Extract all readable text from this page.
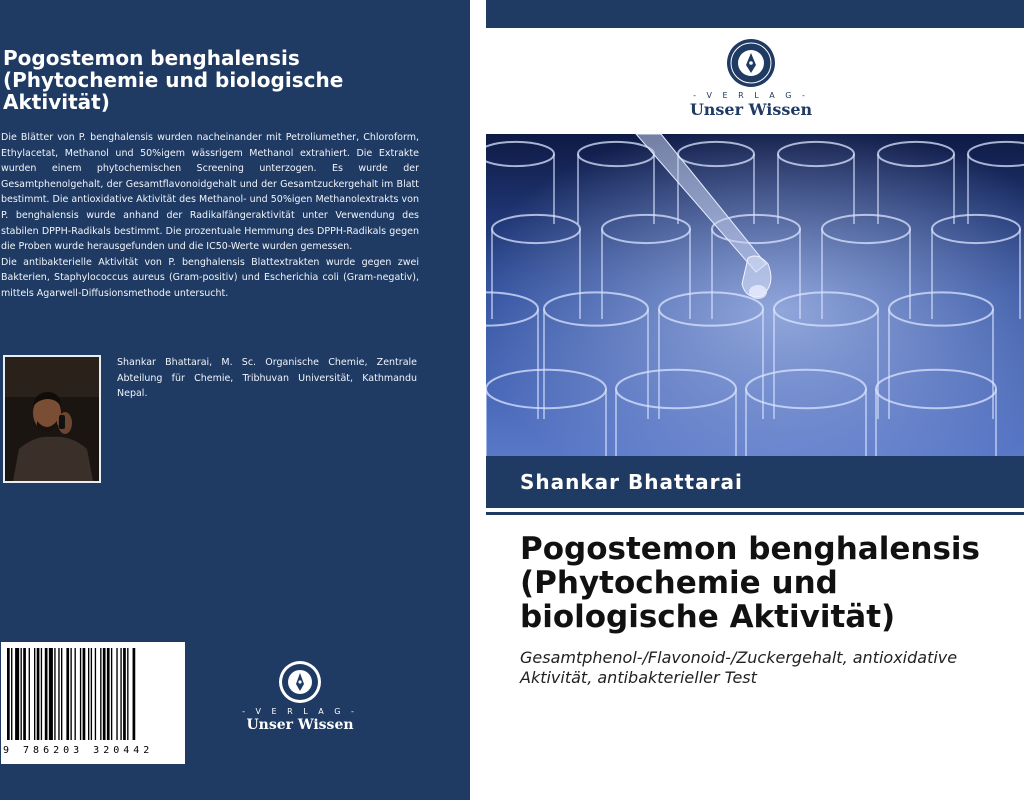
Pogostemon benghalensis (Phytochemie und biologische Aktivität)

Die Blätter von P. benghalensis wurden nacheinander mit Petroliumether, Chloroform, Ethylacetat, Methanol und 50%igem wässrigem Methanol extrahiert. Die Extrakte wurden einem phytochemischen Screening unterzogen. Es wurde der Gesamtphenolgehalt, der Gesamtflavonoidgehalt und der Gesamtzuckergehalt im Blatt bestimmt. Die antioxidative Aktivität des Methanol- und 50%igen Methanolextrakts von P. benghalensis wurde anhand der Radikalfängeraktivität unter Verwendung des stabilen DPPH-Radikals bestimmt. Die prozentuale Hemmung des DPPH-Radikals gegen die Proben wurde herausgefunden und die IC50-Werte wurden gemessen.

Die antibakterielle Aktivität von P. benghalensis Blattextrakten wurde gegen zwei Bakterien, Staphylococcus aureus (Gram-positiv) und Escherichia coli (Gram-negativ), mittels Agarwell-Diffusionsmethode untersucht.

Shankar Bhattarai, M. Sc. Organische Chemie, Zentrale Abteilung für Chemie, Tribhuvan Universität, Kathmandu Nepal.

9 786203 320442
- V E R L A G -
Unser Wissen
- V E R L A G -
Unser Wissen
Shankar Bhattarai
Pogostemon benghalensis (Phytochemie und biologische Aktivität)

Gesamtphenol-/Flavonoid-/Zuckergehalt, antioxidative Aktivität, antibakterieller Test
